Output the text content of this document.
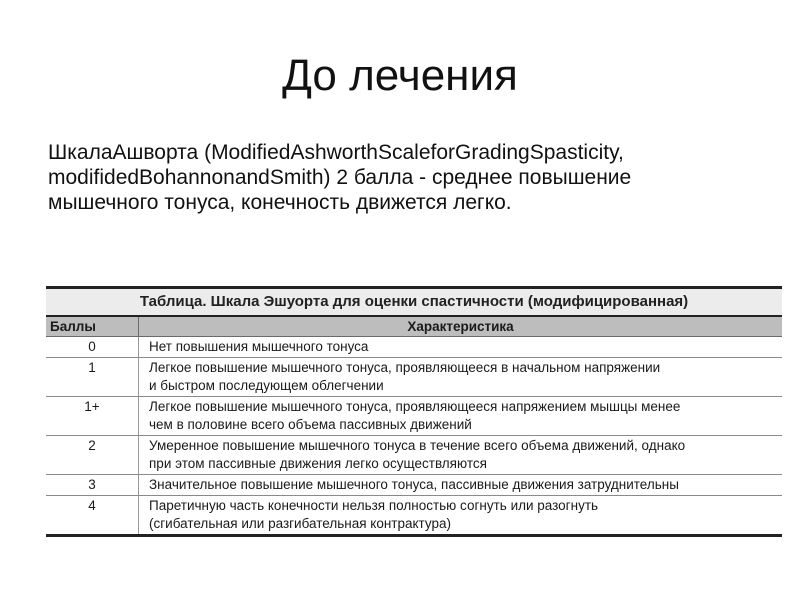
До лечения
ШкалаАшворта (ModifiedAshworthScaleforGradingSpasticity,
modifidedBohannonandSmith) 2 балла - среднее повышение
мышечного тонуса, конечность движется легко.
Таблица. Шкала Эшуорта для оценки спастичности (модифицированная)
Баллы	Характеристика
0	Нет повышения мышечного тонуса

1	Легкое повышение мышечного тонуса, проявляющееся в начальном напряжении
и быстром последующем облегчении

1+	Легкое повышение мышечного тонуса, проявляющееся напряжением мышцы менее
чем в половине всего объема пассивных движений

2	Умеренное повышение мышечного тонуса в течение всего объема движений, однако
при этом пассивные движения легко осуществляются

3	Значительное повышение мышечного тонуса, пассивные движения затруднительны

4	Паретичную часть конечности нельзя полностью согнуть или разогнуть
(сгибательная или разгибательная контрактура)
